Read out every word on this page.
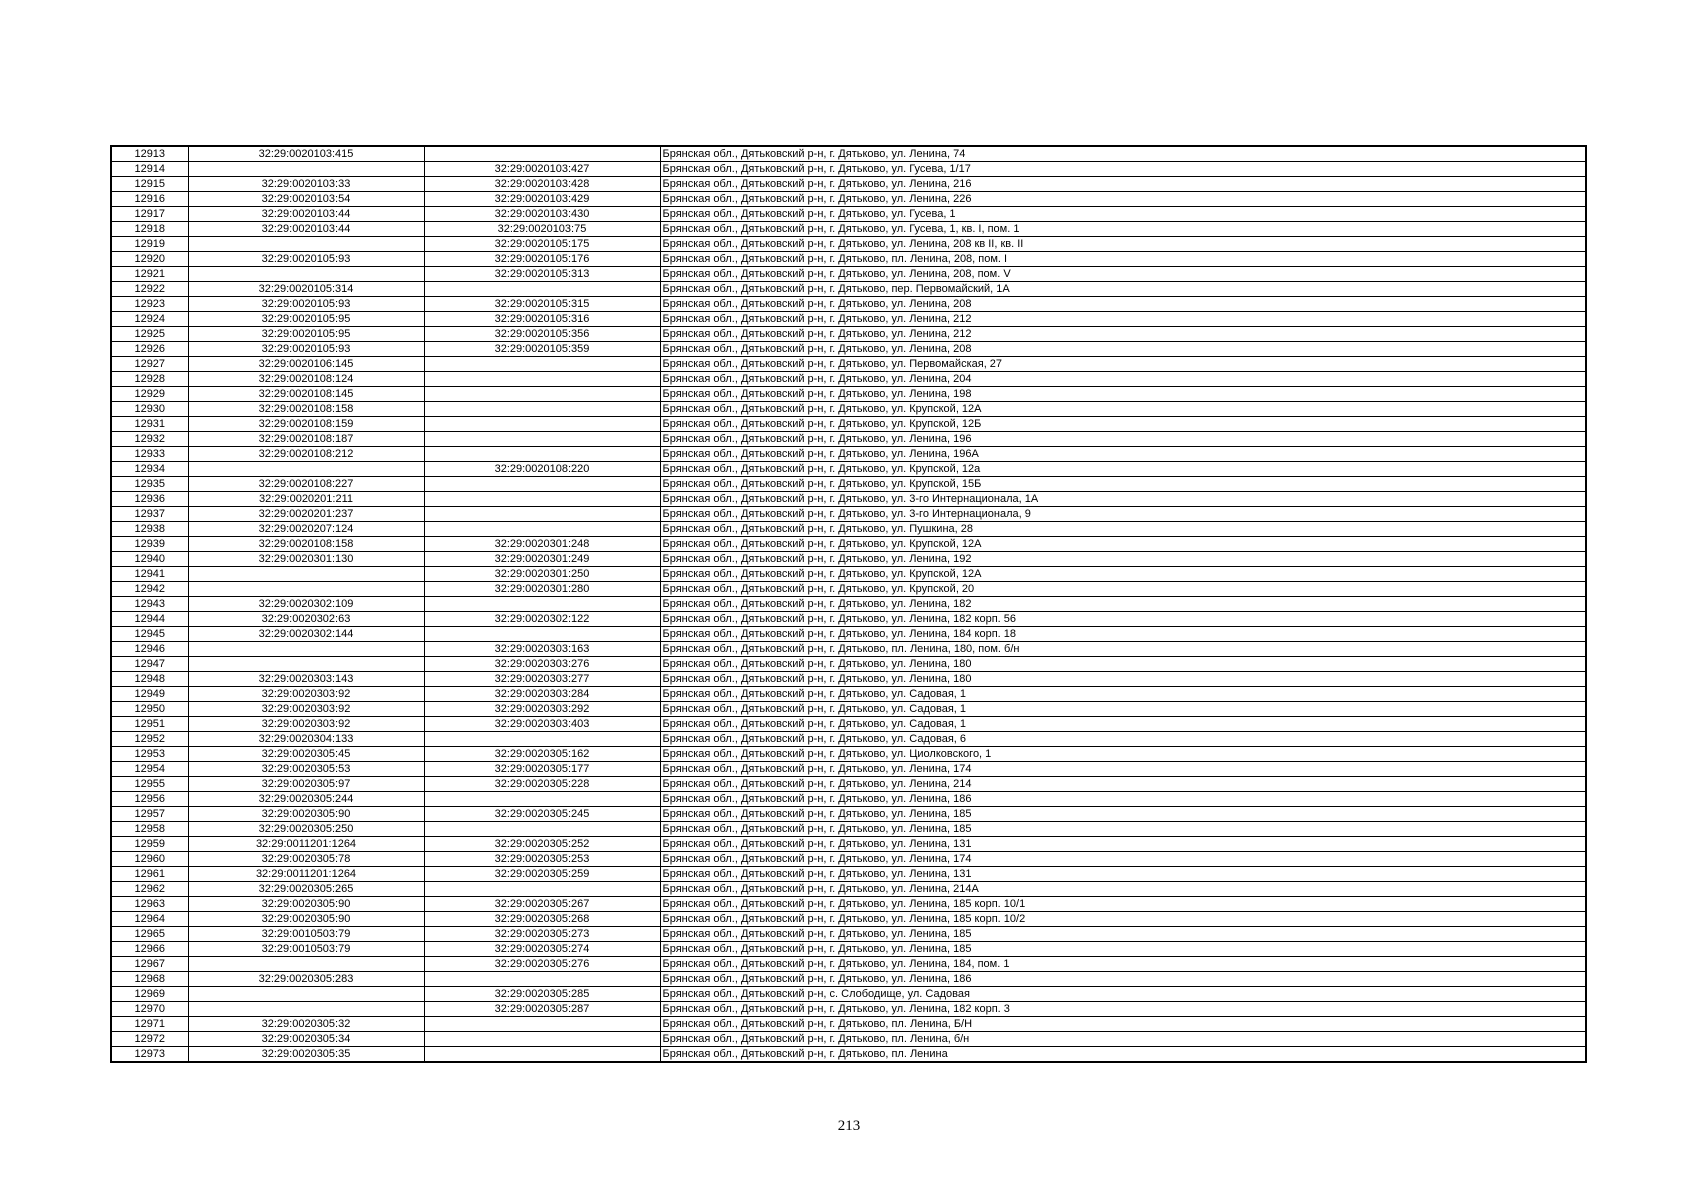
12913	32:29:0020103:415		Брянская обл., Дятьковский р-н, г. Дятьково, ул. Ленина, 74
12914		32:29:0020103:427	Брянская обл., Дятьковский р-н, г. Дятьково, ул. Гусева, 1/17
12915	32:29:0020103:33	32:29:0020103:428	Брянская обл., Дятьковский р-н, г. Дятьково, ул. Ленина, 216
12916	32:29:0020103:54	32:29:0020103:429	Брянская обл., Дятьковский р-н, г. Дятьково, ул. Ленина, 226
12917	32:29:0020103:44	32:29:0020103:430	Брянская обл., Дятьковский р-н, г. Дятьково, ул. Гусева, 1
12918	32:29:0020103:44	32:29:0020103:75	Брянская обл., Дятьковский р-н, г. Дятьково, ул. Гусева, 1, кв. I, пом. 1
12919		32:29:0020105:175	Брянская обл., Дятьковский р-н, г. Дятьково, ул. Ленина, 208 кв II, кв. II
12920	32:29:0020105:93	32:29:0020105:176	Брянская обл., Дятьковский р-н, г. Дятьково, пл. Ленина, 208, пом. I
12921		32:29:0020105:313	Брянская обл., Дятьковский р-н, г. Дятьково, ул. Ленина, 208, пом. V
12922	32:29:0020105:314		Брянская обл., Дятьковский р-н, г. Дятьково, пер. Первомайский, 1А
12923	32:29:0020105:93	32:29:0020105:315	Брянская обл., Дятьковский р-н, г. Дятьково, ул. Ленина, 208
12924	32:29:0020105:95	32:29:0020105:316	Брянская обл., Дятьковский р-н, г. Дятьково, ул. Ленина, 212
12925	32:29:0020105:95	32:29:0020105:356	Брянская обл., Дятьковский р-н, г. Дятьково, ул. Ленина, 212
12926	32:29:0020105:93	32:29:0020105:359	Брянская обл., Дятьковский р-н, г. Дятьково, ул. Ленина, 208
12927	32:29:0020106:145		Брянская обл., Дятьковский р-н, г. Дятьково, ул. Первомайская, 27
12928	32:29:0020108:124		Брянская обл., Дятьковский р-н, г. Дятьково, ул. Ленина, 204
12929	32:29:0020108:145		Брянская обл., Дятьковский р-н, г. Дятьково, ул. Ленина, 198
12930	32:29:0020108:158		Брянская обл., Дятьковский р-н, г. Дятьково, ул. Крупской, 12А
12931	32:29:0020108:159		Брянская обл., Дятьковский р-н, г. Дятьково, ул. Крупской, 12Б
12932	32:29:0020108:187		Брянская обл., Дятьковский р-н, г. Дятьково, ул. Ленина, 196
12933	32:29:0020108:212		Брянская обл., Дятьковский р-н, г. Дятьково, ул. Ленина, 196А
12934		32:29:0020108:220	Брянская обл., Дятьковский р-н, г. Дятьково, ул. Крупской, 12а
12935	32:29:0020108:227		Брянская обл., Дятьковский р-н, г. Дятьково, ул. Крупской, 15Б
12936	32:29:0020201:211		Брянская обл., Дятьковский р-н, г. Дятьково, ул. 3-го Интернационала, 1А
12937	32:29:0020201:237		Брянская обл., Дятьковский р-н, г. Дятьково, ул. 3-го Интернационала, 9
12938	32:29:0020207:124		Брянская обл., Дятьковский р-н, г. Дятьково, ул. Пушкина, 28
12939	32:29:0020108:158	32:29:0020301:248	Брянская обл., Дятьковский р-н, г. Дятьково, ул. Крупской, 12А
12940	32:29:0020301:130	32:29:0020301:249	Брянская обл., Дятьковский р-н, г. Дятьково, ул. Ленина, 192
12941		32:29:0020301:250	Брянская обл., Дятьковский р-н, г. Дятьково, ул. Крупской, 12А
12942		32:29:0020301:280	Брянская обл., Дятьковский р-н, г. Дятьково, ул. Крупской, 20
12943	32:29:0020302:109		Брянская обл., Дятьковский р-н, г. Дятьково, ул. Ленина, 182
12944	32:29:0020302:63	32:29:0020302:122	Брянская обл., Дятьковский р-н, г. Дятьково, ул. Ленина, 182 корп. 56
12945	32:29:0020302:144		Брянская обл., Дятьковский р-н, г. Дятьково, ул. Ленина, 184 корп. 18
12946		32:29:0020303:163	Брянская обл., Дятьковский р-н, г. Дятьково, пл. Ленина, 180, пом. б/н
12947		32:29:0020303:276	Брянская обл., Дятьковский р-н, г. Дятьково, ул. Ленина, 180
12948	32:29:0020303:143	32:29:0020303:277	Брянская обл., Дятьковский р-н, г. Дятьково, ул. Ленина, 180
12949	32:29:0020303:92	32:29:0020303:284	Брянская обл., Дятьковский р-н, г. Дятьково, ул. Садовая, 1
12950	32:29:0020303:92	32:29:0020303:292	Брянская обл., Дятьковский р-н, г. Дятьково, ул. Садовая, 1
12951	32:29:0020303:92	32:29:0020303:403	Брянская обл., Дятьковский р-н, г. Дятьково, ул. Садовая, 1
12952	32:29:0020304:133		Брянская обл., Дятьковский р-н, г. Дятьково, ул. Садовая, 6
12953	32:29:0020305:45	32:29:0020305:162	Брянская обл., Дятьковский р-н, г. Дятьково, ул. Циолковского, 1
12954	32:29:0020305:53	32:29:0020305:177	Брянская обл., Дятьковский р-н, г. Дятьково, ул. Ленина, 174
12955	32:29:0020305:97	32:29:0020305:228	Брянская обл., Дятьковский р-н, г. Дятьково, ул. Ленина, 214
12956	32:29:0020305:244		Брянская обл., Дятьковский р-н, г. Дятьково, ул. Ленина, 186
12957	32:29:0020305:90	32:29:0020305:245	Брянская обл., Дятьковский р-н, г. Дятьково, ул. Ленина, 185
12958	32:29:0020305:250		Брянская обл., Дятьковский р-н, г. Дятьково, ул. Ленина, 185
12959	32:29:0011201:1264	32:29:0020305:252	Брянская обл., Дятьковский р-н, г. Дятьково, ул. Ленина, 131
12960	32:29:0020305:78	32:29:0020305:253	Брянская обл., Дятьковский р-н, г. Дятьково, ул. Ленина, 174
12961	32:29:0011201:1264	32:29:0020305:259	Брянская обл., Дятьковский р-н, г. Дятьково, ул. Ленина, 131
12962	32:29:0020305:265		Брянская обл., Дятьковский р-н, г. Дятьково, ул. Ленина, 214А
12963	32:29:0020305:90	32:29:0020305:267	Брянская обл., Дятьковский р-н, г. Дятьково, ул. Ленина, 185 корп. 10/1
12964	32:29:0020305:90	32:29:0020305:268	Брянская обл., Дятьковский р-н, г. Дятьково, ул. Ленина, 185 корп. 10/2
12965	32:29:0010503:79	32:29:0020305:273	Брянская обл., Дятьковский р-н, г. Дятьково, ул. Ленина, 185
12966	32:29:0010503:79	32:29:0020305:274	Брянская обл., Дятьковский р-н, г. Дятьково, ул. Ленина, 185
12967		32:29:0020305:276	Брянская обл., Дятьковский р-н, г. Дятьково, ул. Ленина, 184, пом. 1
12968	32:29:0020305:283		Брянская обл., Дятьковский р-н, г. Дятьково, ул. Ленина, 186
12969		32:29:0020305:285	Брянская обл., Дятьковский р-н, с. Слободище, ул. Садовая
12970		32:29:0020305:287	Брянская обл., Дятьковский р-н, г. Дятьково, ул. Ленина, 182 корп. 3
12971	32:29:0020305:32		Брянская обл., Дятьковский р-н, г. Дятьково, пл. Ленина, Б/Н
12972	32:29:0020305:34		Брянская обл., Дятьковский р-н, г. Дятьково, пл. Ленина, б/н
12973	32:29:0020305:35		Брянская обл., Дятьковский р-н, г. Дятьково, пл. Ленина
213
